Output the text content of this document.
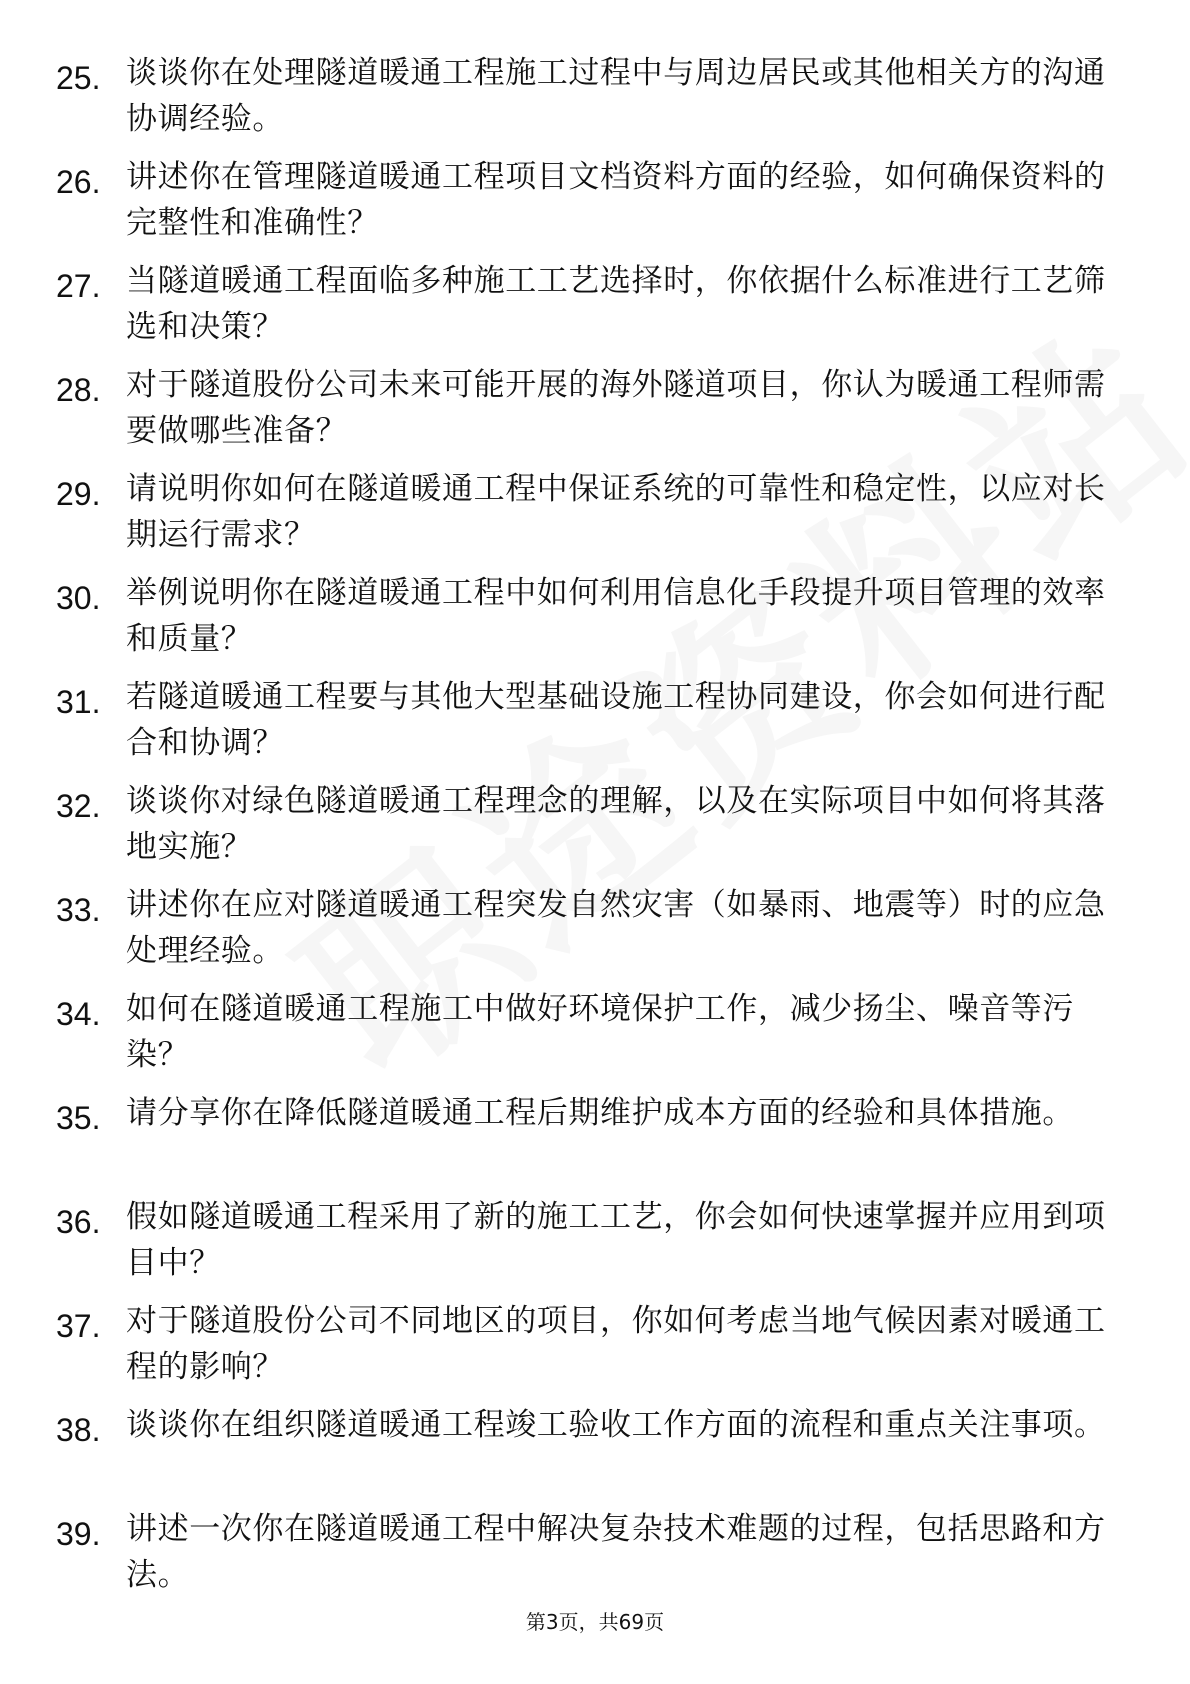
25. 谈谈你在处理隧道暖通工程施工过程中与周边居民或其他相关方的沟通协调经验。
26. 讲述你在管理隧道暖通工程项目文档资料方面的经验，如何确保资料的完整性和准确性？
27. 当隧道暖通工程面临多种施工工艺选择时，你依据什么标准进行工艺筛选和决策？
28. 对于隧道股份公司未来可能开展的海外隧道项目，你认为暖通工程师需要做哪些准备？
29. 请说明你如何在隧道暖通工程中保证系统的可靠性和稳定性，以应对长期运行需求？
30. 举例说明你在隧道暖通工程中如何利用信息化手段提升项目管理的效率和质量？
31. 若隧道暖通工程要与其他大型基础设施工程协同建设，你会如何进行配合和协调？
32. 谈谈你对绿色隧道暖通工程理念的理解，以及在实际项目中如何将其落地实施？
33. 讲述你在应对隧道暖通工程突发自然灾害（如暴雨、地震等）时的应急处理经验。
34. 如何在隧道暖通工程施工中做好环境保护工作，减少扬尘、噪音等污染？
35. 请分享你在降低隧道暖通工程后期维护成本方面的经验和具体措施。
36. 假如隧道暖通工程采用了新的施工工艺，你会如何快速掌握并应用到项目中？
37. 对于隧道股份公司不同地区的项目，你如何考虑当地气候因素对暖通工程的影响？
38. 谈谈你在组织隧道暖通工程竣工验收工作方面的流程和重点关注事项。
39. 讲述一次你在隧道暖通工程中解决复杂技术难题的过程，包括思路和方法。
第3页，共69页
